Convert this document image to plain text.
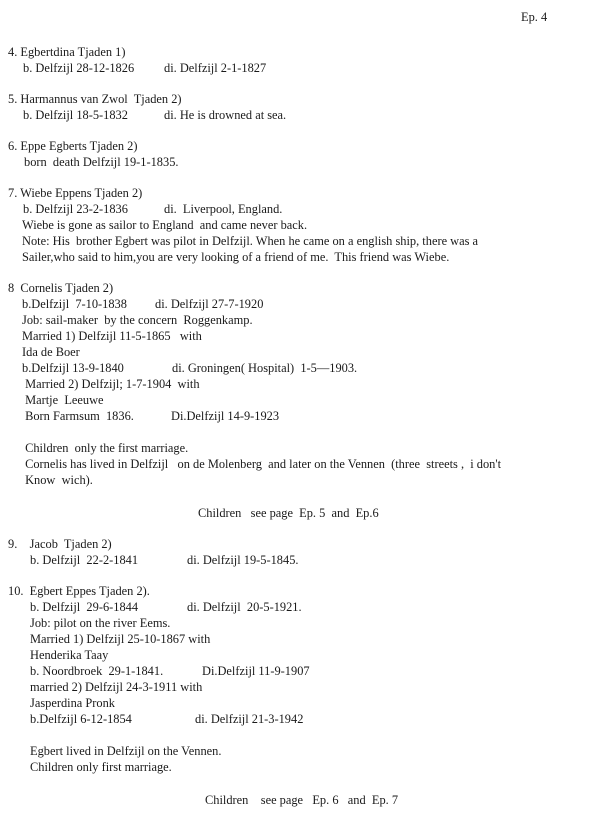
Ep. 4
4. Egbertdina Tjaden 1)
b. Delfzijl 28-12-1826 di. Delfzijl 2-1-1827
5. Harmannus van Zwol  Tjaden 2)
b. Delfzijl 18-5-1832	di. He is drowned at sea.
6. Eppe Egberts Tjaden 2)
born  death Delfzijl 19-1-1835.
7. Wiebe Eppens Tjaden 2)
b. Delfzijl 23-2-1836	di.  Liverpool, England.
Wiebe is gone as sailor to England  and came never back.
Note: His  brother Egbert was pilot in Delfzijl. When he came on a english ship, there was a
Sailer,who said to him,you are very looking of a friend of me.  This friend was Wiebe.
8  Cornelis Tjaden 2)
b.Delfzijl  7-10-1838 di. Delfzijl 27-7-1920
Job: sail-maker  by the concern  Roggenkamp.
Married 1) Delfzijl 11-5-1865   with
Ida de Boer
b.Delfzijl 13-9-1840	di. Groningen( Hospital)  1-5—1903.
Married 2) Delfzijl; 1-7-1904  with
Martje  Leeuwe
Born Farmsum  1836.	Di.Delfzijl 14-9-1923
Children  only the first marriage.
Cornelis has lived in Delfzijl   on de Molenberg  and later on the Vennen  (three  streets ,  i don't
Know  wich).
Children   see page  Ep. 5  and  Ep.6
9.    Jacob  Tjaden 2)
b. Delfzijl  22-2-1841	di. Delfzijl 19-5-1845.
10.  Egbert Eppes Tjaden 2).
b. Delfzijl  29-6-1844	di. Delfzijl  20-5-1921.
Job: pilot on the river Eems.
Married 1) Delfzijl 25-10-1867 with
Henderika Taay
b. Noordbroek  29-1-1841.	Di.Delfzijl 11-9-1907
married 2) Delfzijl 24-3-1911 with
Jasperdina Pronk
b.Delfzijl 6-12-1854	di. Delfzijl 21-3-1942
Egbert lived in Delfzijl on the Vennen.
Children only first marriage.
Children    see page   Ep. 6   and  Ep. 7
